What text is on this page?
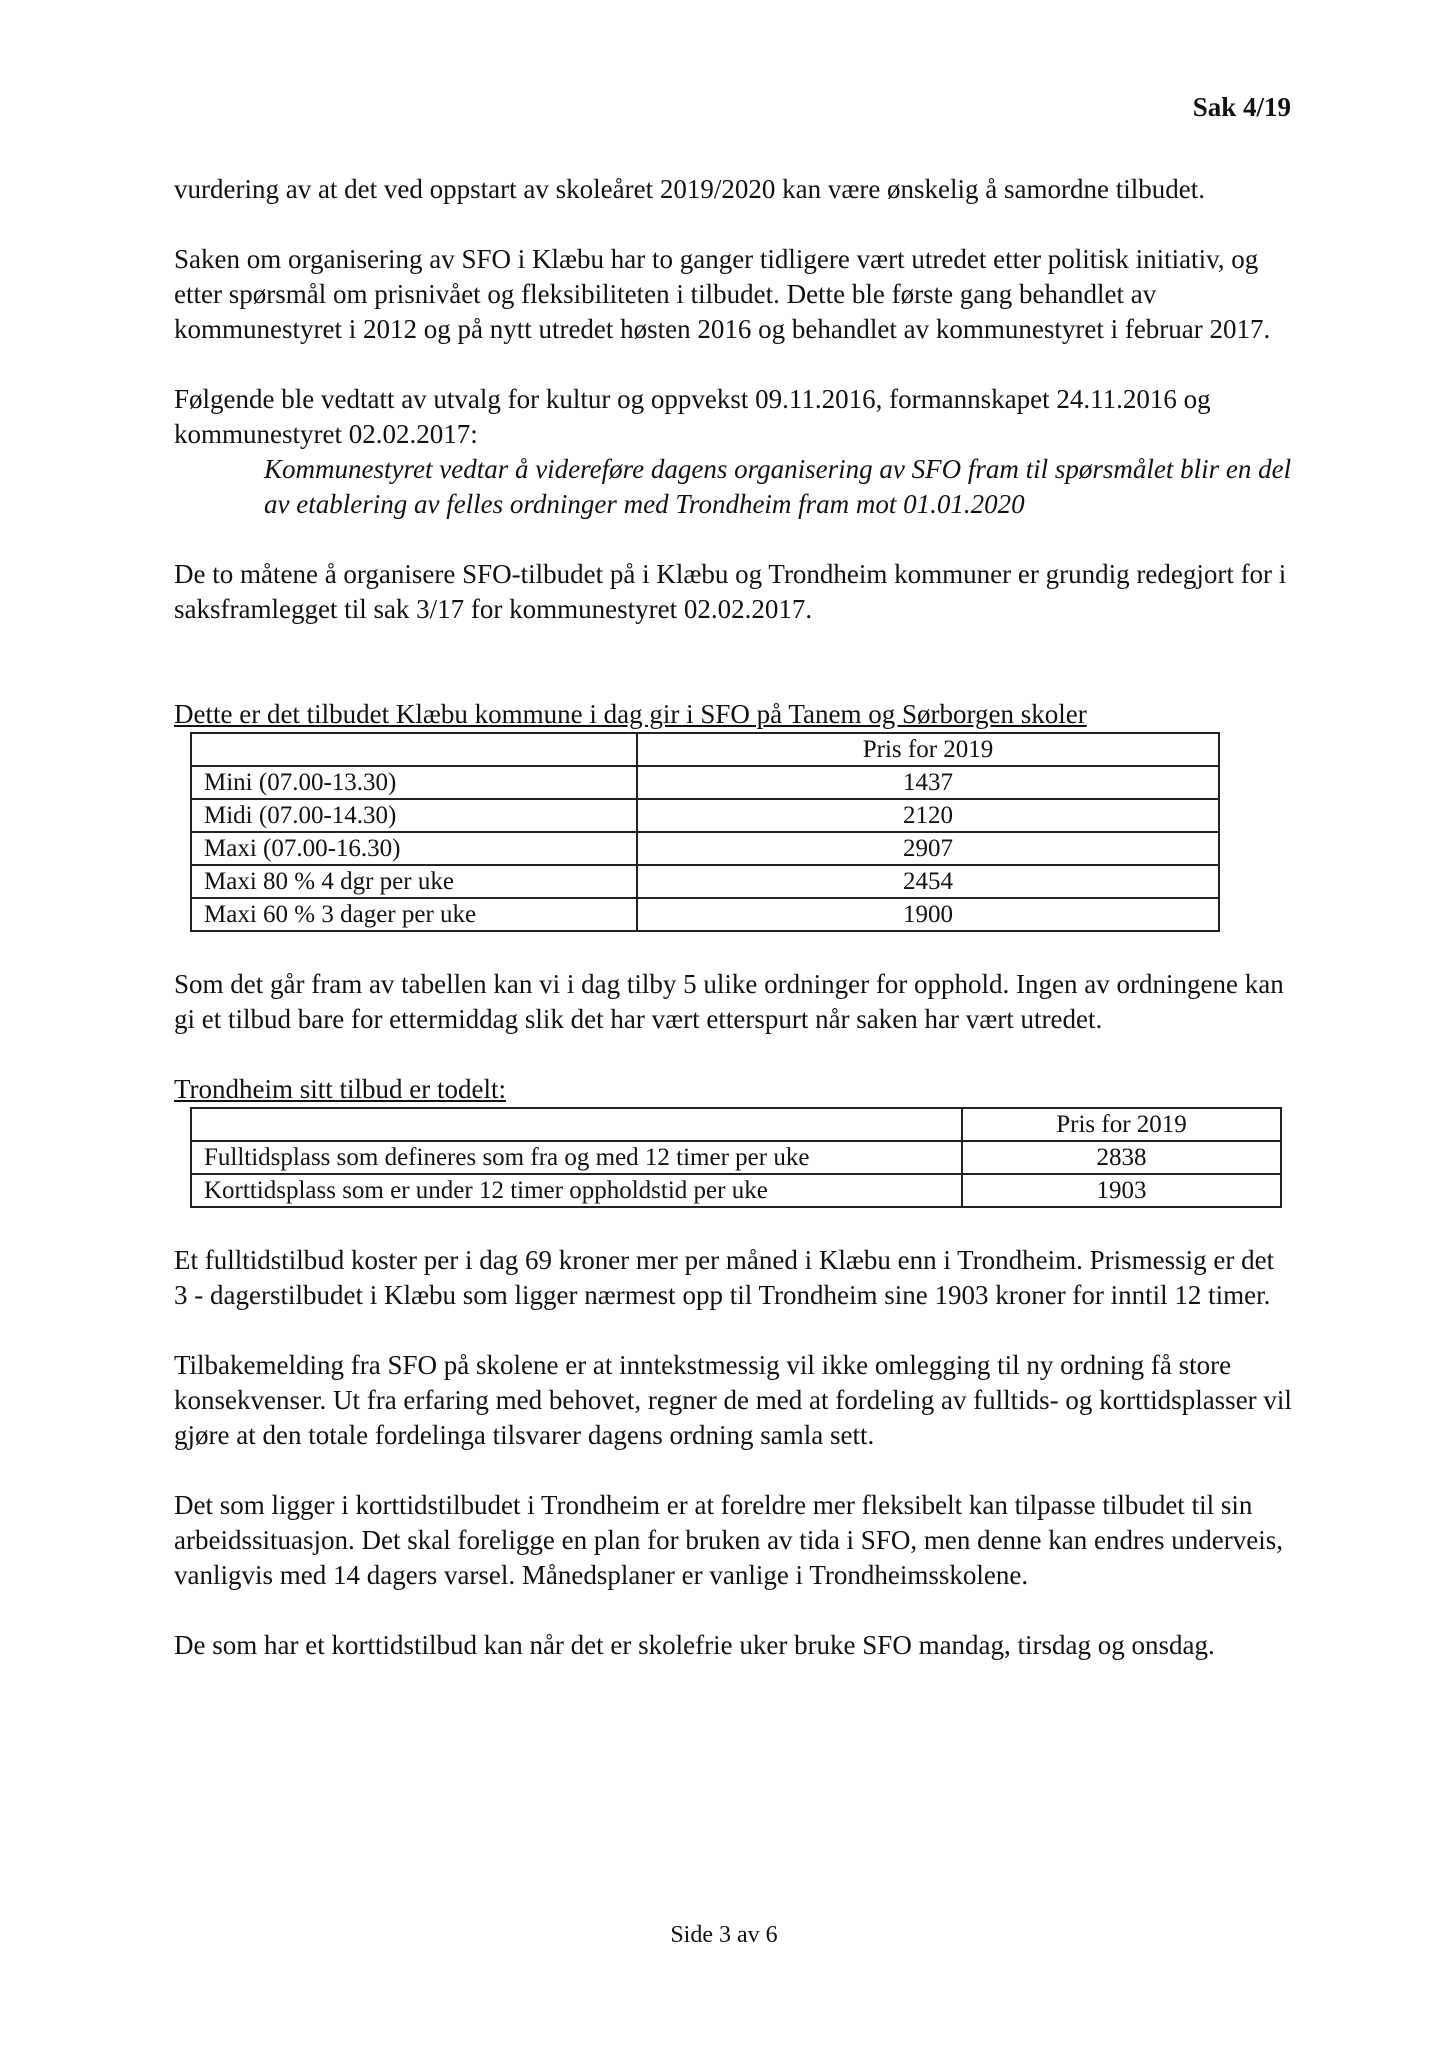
Sak 4/19

vurdering av at det ved oppstart av skoleåret 2019/2020 kan være ønskelig å samordne tilbudet.

Saken om organisering av SFO i Klæbu har to ganger tidligere vært utredet etter politisk initiativ, og etter spørsmål om prisnivået og fleksibiliteten i tilbudet. Dette ble første gang behandlet av kommunestyret i 2012 og på nytt utredet høsten 2016 og behandlet av kommunestyret i februar 2017.

Følgende ble vedtatt av utvalg for kultur og oppvekst 09.11.2016, formannskapet 24.11.2016 og kommunestyret 02.02.2017:

Kommunestyret vedtar å videreføre dagens organisering av SFO fram til spørsmålet blir en del av etablering av felles ordninger med Trondheim fram mot 01.01.2020

De to måtene å organisere SFO-tilbudet på i Klæbu og Trondheim kommuner er grundig redegjort for i saksframlegget til sak 3/17 for kommunestyret 02.02.2017.

Dette er det tilbudet Klæbu kommune i dag gir i SFO på Tanem og Sørborgen skoler

	Pris for 2019
Mini (07.00-13.30)	1437
Midi (07.00-14.30)	2120
Maxi (07.00-16.30)	2907
Maxi 80 % 4 dgr per uke	2454
Maxi 60 % 3 dager per uke	1900

Som det går fram av tabellen kan vi i dag tilby 5 ulike ordninger for opphold. Ingen av ordningene kan gi et tilbud bare for ettermiddag slik det har vært etterspurt når saken har vært utredet.

Trondheim sitt tilbud er todelt:

	Pris for 2019
Fulltidsplass som defineres som fra og med 12 timer per uke	2838
Korttidsplass som er under 12 timer oppholdstid per uke	1903

Et fulltidstilbud koster per i dag 69 kroner mer per måned i Klæbu enn i Trondheim. Prismessig er det 3 - dagerstilbudet i Klæbu som ligger nærmest opp til Trondheim sine 1903 kroner for inntil 12 timer.

Tilbakemelding fra SFO på skolene er at inntekstmessig vil ikke omlegging til ny ordning få store konsekvenser. Ut fra erfaring med behovet, regner de med at fordeling av fulltids- og korttidsplasser vil gjøre at den totale fordelinga tilsvarer dagens ordning samla sett.

Det som ligger i korttidstilbudet i Trondheim er at foreldre mer fleksibelt kan tilpasse tilbudet til sin arbeidssituasjon. Det skal foreligge en plan for bruken av tida i SFO, men denne kan endres underveis, vanligvis med 14 dagers varsel. Månedsplaner er vanlige i Trondheimsskolene.

De som har et korttidstilbud kan når det er skolefrie uker bruke SFO mandag, tirsdag og onsdag.

Side 3 av 6
